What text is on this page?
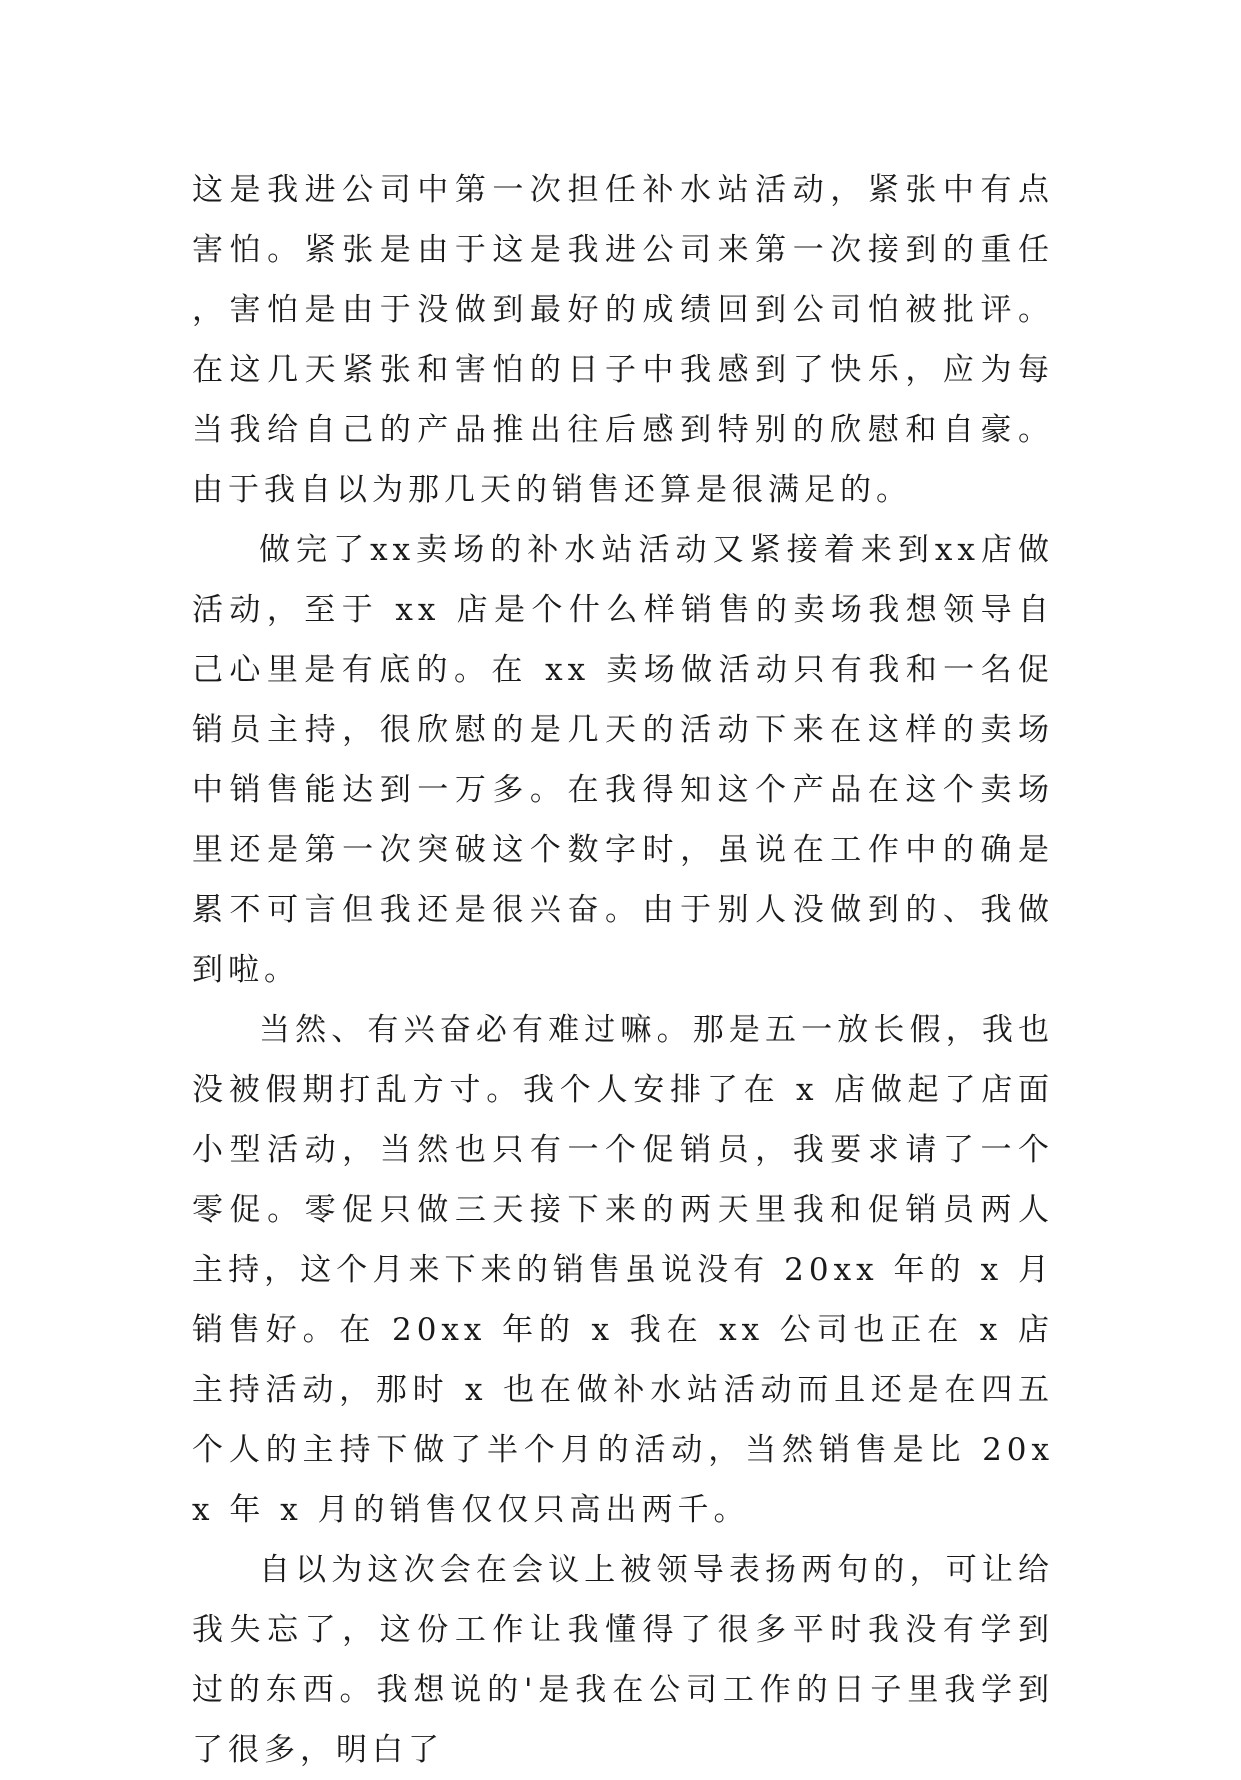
这是我进公司中第一次担任补水站活动，紧张中有点害怕。紧张是由于这是我进公司来第一次接到的重任，害怕是由于没做到最好的成绩回到公司怕被批评。在这几天紧张和害怕的日子中我感到了快乐，应为每当我给自己的产品推出往后感到特别的欣慰和自豪。由于我自以为那几天的销售还算是很满足的。

做完了xx卖场的补水站活动又紧接着来到xx店做活动，至于 xx 店是个什么样销售的卖场我想领导自己心里是有底的。在 xx 卖场做活动只有我和一名促销员主持，很欣慰的是几天的活动下来在这样的卖场中销售能达到一万多。在我得知这个产品在这个卖场里还是第一次突破这个数字时，虽说在工作中的确是累不可言但我还是很兴奋。由于别人没做到的、我做到啦。

当然、有兴奋必有难过嘛。那是五一放长假，我也没被假期打乱方寸。我个人安排了在 x 店做起了店面小型活动，当然也只有一个促销员，我要求请了一个零促。零促只做三天接下来的两天里我和促销员两人主持，这个月来下来的销售虽说没有 20xx 年的 x 月销售好。在 20xx 年的 x 我在 xx 公司也正在 x 店主持活动，那时 x 也在做补水站活动而且还是在四五个人的主持下做了半个月的活动，当然销售是比 20xx 年 x 月的销售仅仅只高出两千。

自以为这次会在会议上被领导表扬两句的，可让给我失忘了，这份工作让我懂得了很多平时我没有学到过的东西。我想说的'是我在公司工作的日子里我学到了很多，明白了
